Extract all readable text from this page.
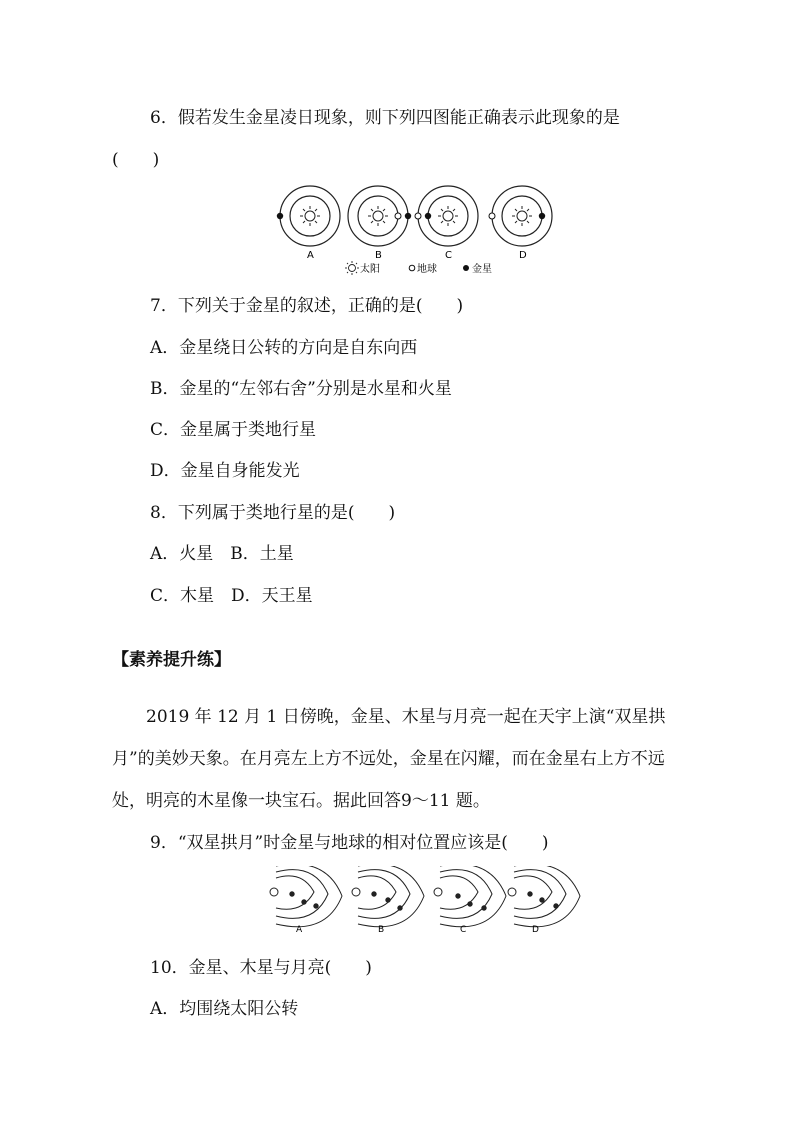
6．假若发生金星凌日现象，则下列四图能正确表示此现象的是
(　　)
A	B	C	D
太阳	地球	金星
7．下列关于金星的叙述，正确的是(　　)
A．金星绕日公转的方向是自东向西
B．金星的“左邻右舍”分别是水星和火星
C．金星属于类地行星
D．金星自身能发光
8．下列属于类地行星的是(　　)
A．火星　B．土星
C．木星　D．天王星
【素养提升练】
2019 年 12 月 1 日傍晚，金星、木星与月亮一起在天宇上演“双星拱月”的美妙天象。在月亮左上方不远处，金星在闪耀，而在金星右上方不远处，明亮的木星像一块宝石。据此回答9～11 题。
9．“双星拱月”时金星与地球的相对位置应该是(　　)
A	B	C	D
10．金星、木星与月亮(　　)
A．均围绕太阳公转
